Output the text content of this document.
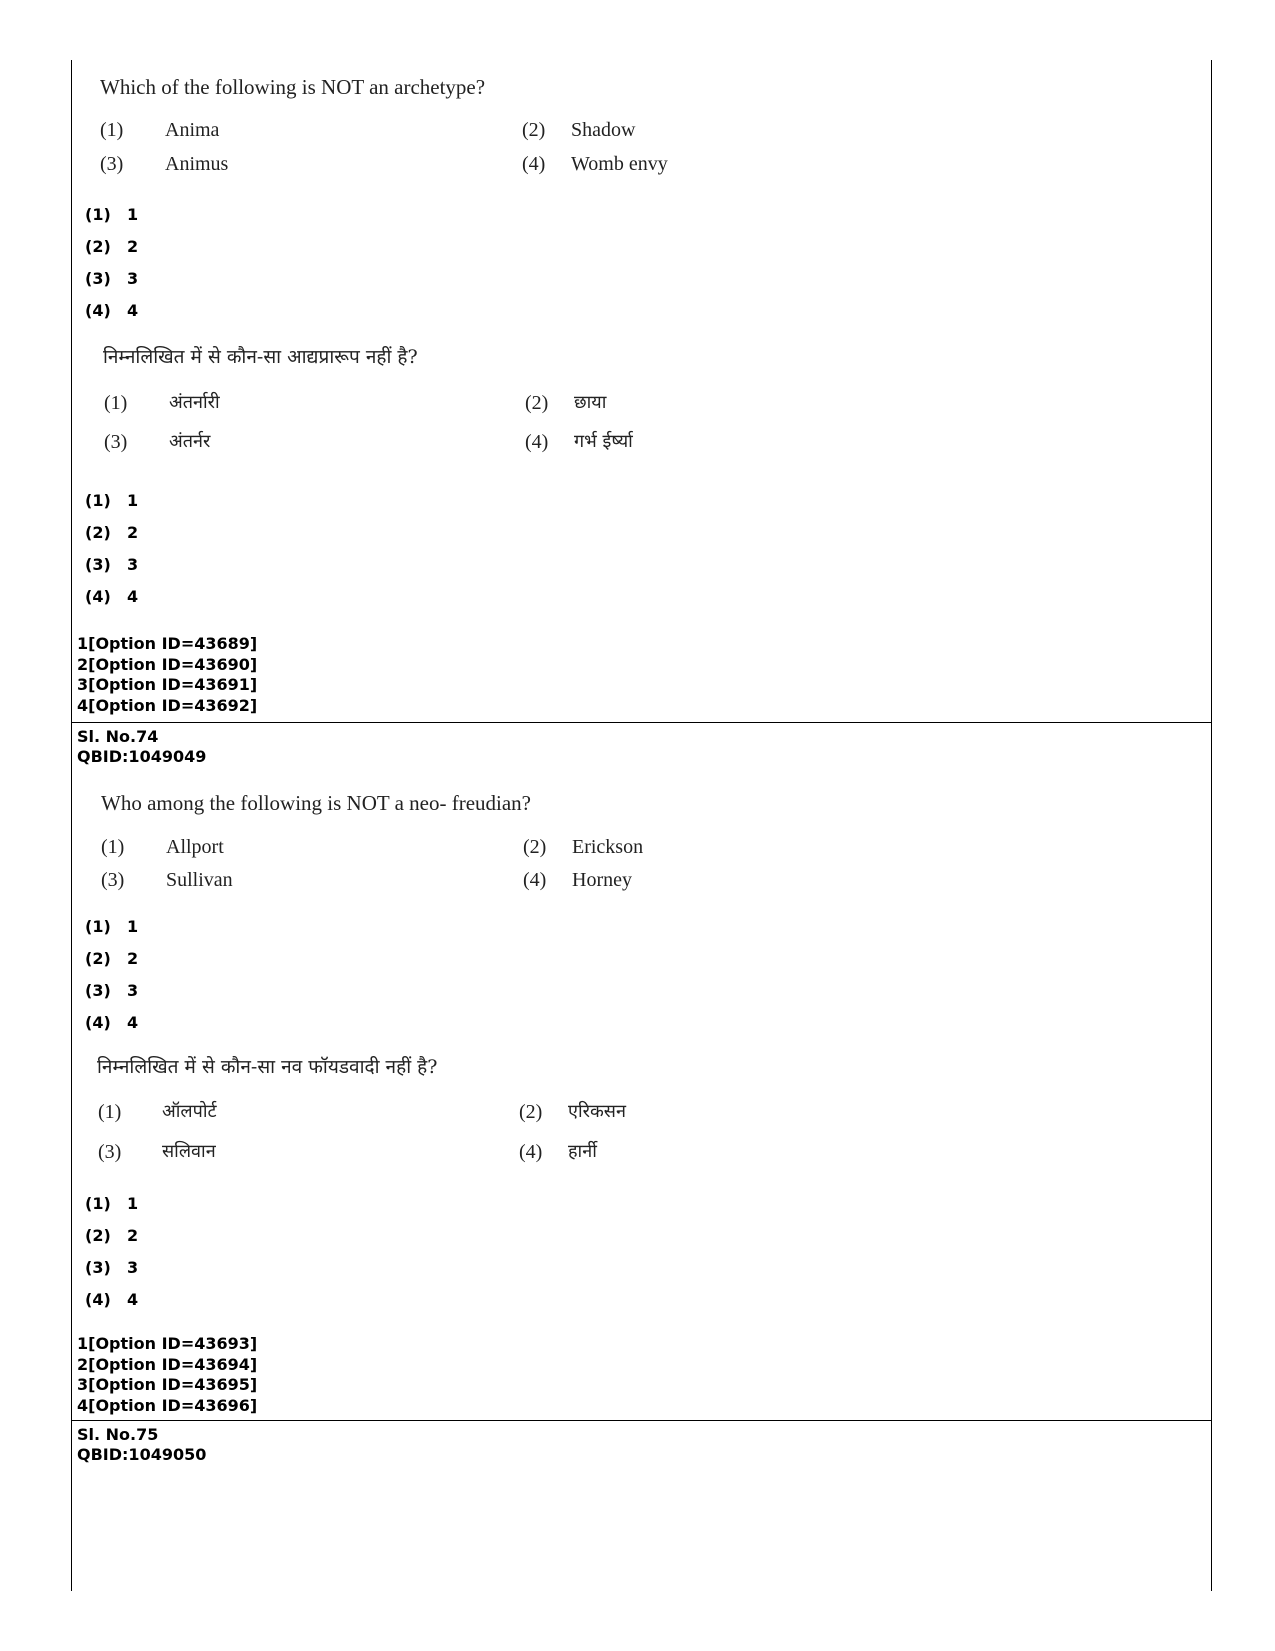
Which of the following is NOT an archetype?
(1) Anima	(2) Shadow
(3) Animus	(4) Womb envy
(1) 1
(2) 2
(3) 3
(4) 4
निम्नलिखित में से कौन-सा आद्यप्रारूप नहीं है?
(1) अंतर्नारी	(2) छाया
(3) अंतर्नर	(4) गर्भ ईर्ष्या
(1) 1
(2) 2
(3) 3
(4) 4
1[Option ID=43689]
2[Option ID=43690]
3[Option ID=43691]
4[Option ID=43692]
Sl. No.74
QBID:1049049
Who among the following is NOT a neo- freudian?
(1) Allport	(2) Erickson
(3) Sullivan	(4) Horney
(1) 1
(2) 2
(3) 3
(4) 4
निम्नलिखित में से कौन-सा नव फॉयडवादी नहीं है?
(1) ऑलपोर्ट	(2) एरिकसन
(3) सलिवान	(4) हार्नी
(1) 1
(2) 2
(3) 3
(4) 4
1[Option ID=43693]
2[Option ID=43694]
3[Option ID=43695]
4[Option ID=43696]
Sl. No.75
QBID:1049050
